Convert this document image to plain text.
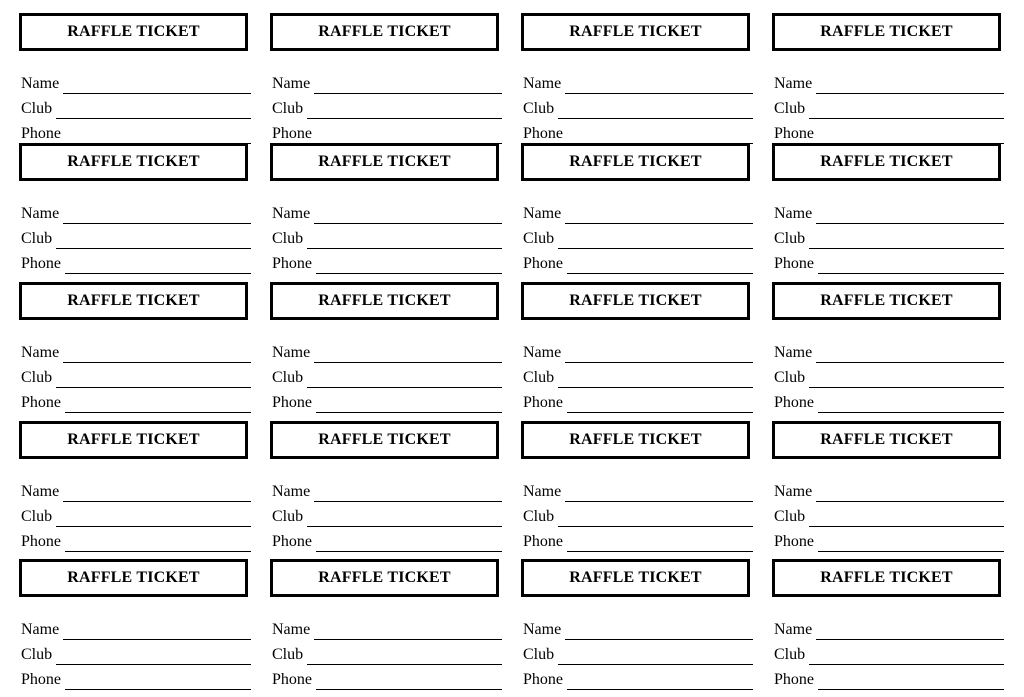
RAFFLE TICKET
Name
Club
Phone
RAFFLE TICKET
Name
Club
Phone
RAFFLE TICKET
Name
Club
Phone
RAFFLE TICKET
Name
Club
Phone
RAFFLE TICKET
Name
Club
Phone
RAFFLE TICKET
Name
Club
Phone
RAFFLE TICKET
Name
Club
Phone
RAFFLE TICKET
Name
Club
Phone
RAFFLE TICKET
Name
Club
Phone
RAFFLE TICKET
Name
Club
Phone
RAFFLE TICKET
Name
Club
Phone
RAFFLE TICKET
Name
Club
Phone
RAFFLE TICKET
Name
Club
Phone
RAFFLE TICKET
Name
Club
Phone
RAFFLE TICKET
Name
Club
Phone
RAFFLE TICKET
Name
Club
Phone
RAFFLE TICKET
Name
Club
Phone
RAFFLE TICKET
Name
Club
Phone
RAFFLE TICKET
Name
Club
Phone
RAFFLE TICKET
Name
Club
Phone
